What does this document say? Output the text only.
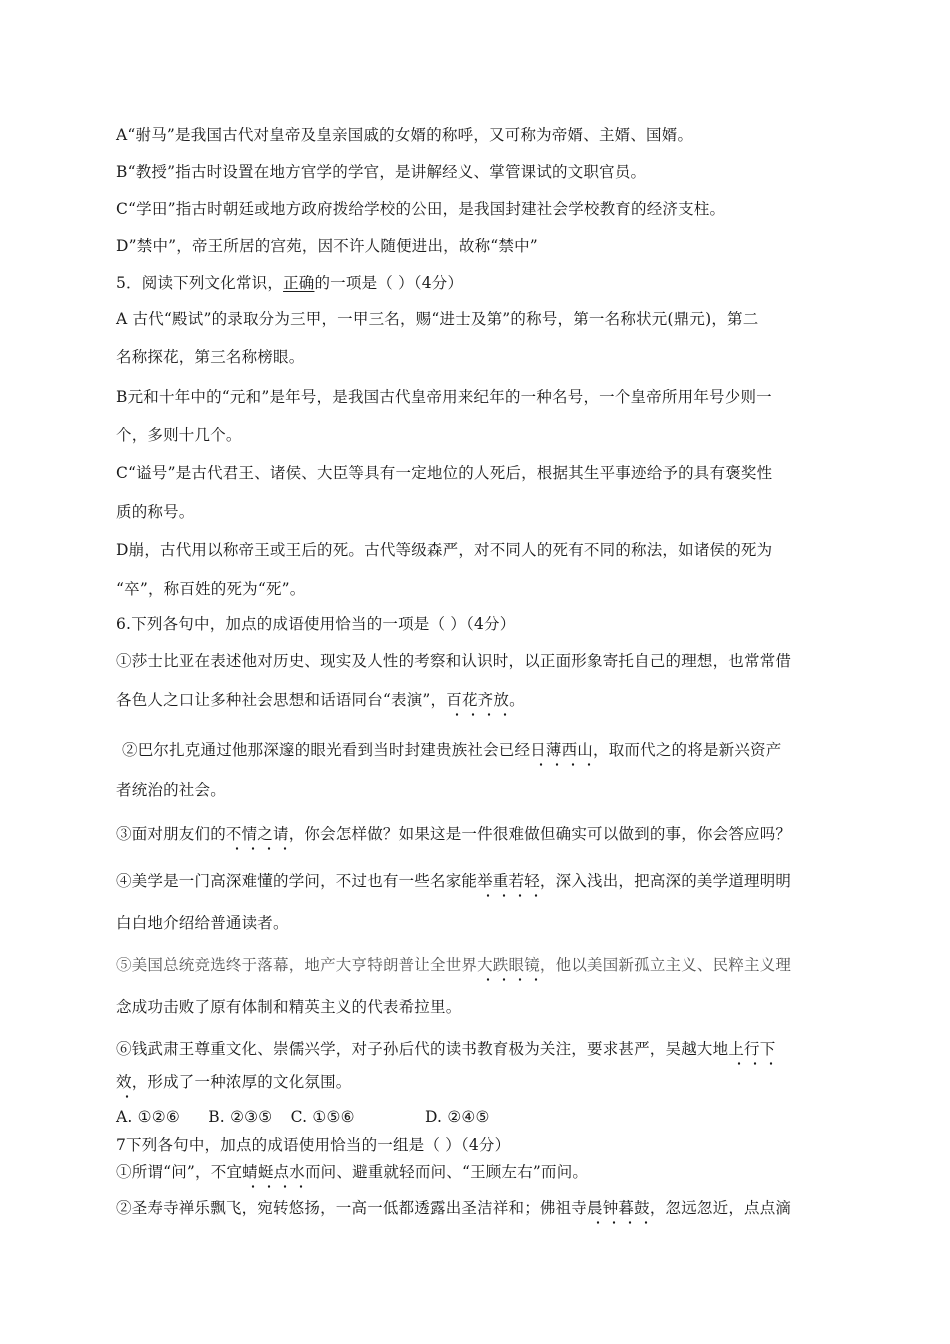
A“驸马”是我国古代对皇帝及皇亲国戚的女婿的称呼，又可称为帝婿、主婿、国婿。
B“教授”指古时设置在地方官学的学官，是讲解经义、掌管课试的文职官员。
C“学田”指古时朝廷或地方政府拨给学校的公田，是我国封建社会学校教育的经济支柱。
D”禁中”，帝王所居的宫苑，因不许人随便进出，故称“禁中”
5．阅读下列文化常识，正确的一项是（ ）（4分）
A 古代“殿试”的录取分为三甲，一甲三名，赐“进士及第”的称号，第一名称状元(鼎元)，第二
名称探花，第三名称榜眼。
B元和十年中的“元和”是年号，是我国古代皇帝用来纪年的一种名号，一个皇帝所用年号少则一
个，多则十几个。
C“谥号”是古代君王、诸侯、大臣等具有一定地位的人死后，根据其生平事迹给予的具有褒奖性
质的称号。
D崩，古代用以称帝王或王后的死。古代等级森严，对不同人的死有不同的称法，如诸侯的死为
“卒”，称百姓的死为“死”。
6.下列各句中，加点的成语使用恰当的一项是（ ）（4分）
①莎士比亚在表述他对历史、现实及人性的考察和认识时，以正面形象寄托自己的理想，也常常借
各色人之口让多种社会思想和话语同台“表演”，百花齐放。
②巴尔扎克通过他那深邃的眼光看到当时封建贵族社会已经日薄西山，取而代之的将是新兴资产
者统治的社会。
③面对朋友们的不情之请，你会怎样做？如果这是一件很难做但确实可以做到的事，你会答应吗？
④美学是一门高深难懂的学问，不过也有一些名家能举重若轻，深入浅出，把高深的美学道理明明
白白地介绍给普通读者。
⑤美国总统竞选终于落幕，地产大亨特朗普让全世界大跌眼镜，他以美国新孤立主义、民粹主义理
念成功击败了原有体制和精英主义的代表希拉里。
⑥钱武肃王尊重文化、崇儒兴学，对子孙后代的读书教育极为关注，要求甚严，吴越大地上行下
效，形成了一种浓厚的文化氛围。
A. ①②⑥ B. ②③⑤ C. ①⑤⑥	D. ②④⑤
7下列各句中，加点的成语使用恰当的一组是（ ）（4分）
①所谓“问”，不宜蜻蜓点水而问、避重就轻而问、“王顾左右”而问。
②圣寿寺禅乐飘飞，宛转悠扬，一高一低都透露出圣洁祥和；佛祖寺晨钟暮鼓，忽远忽近，点点滴
